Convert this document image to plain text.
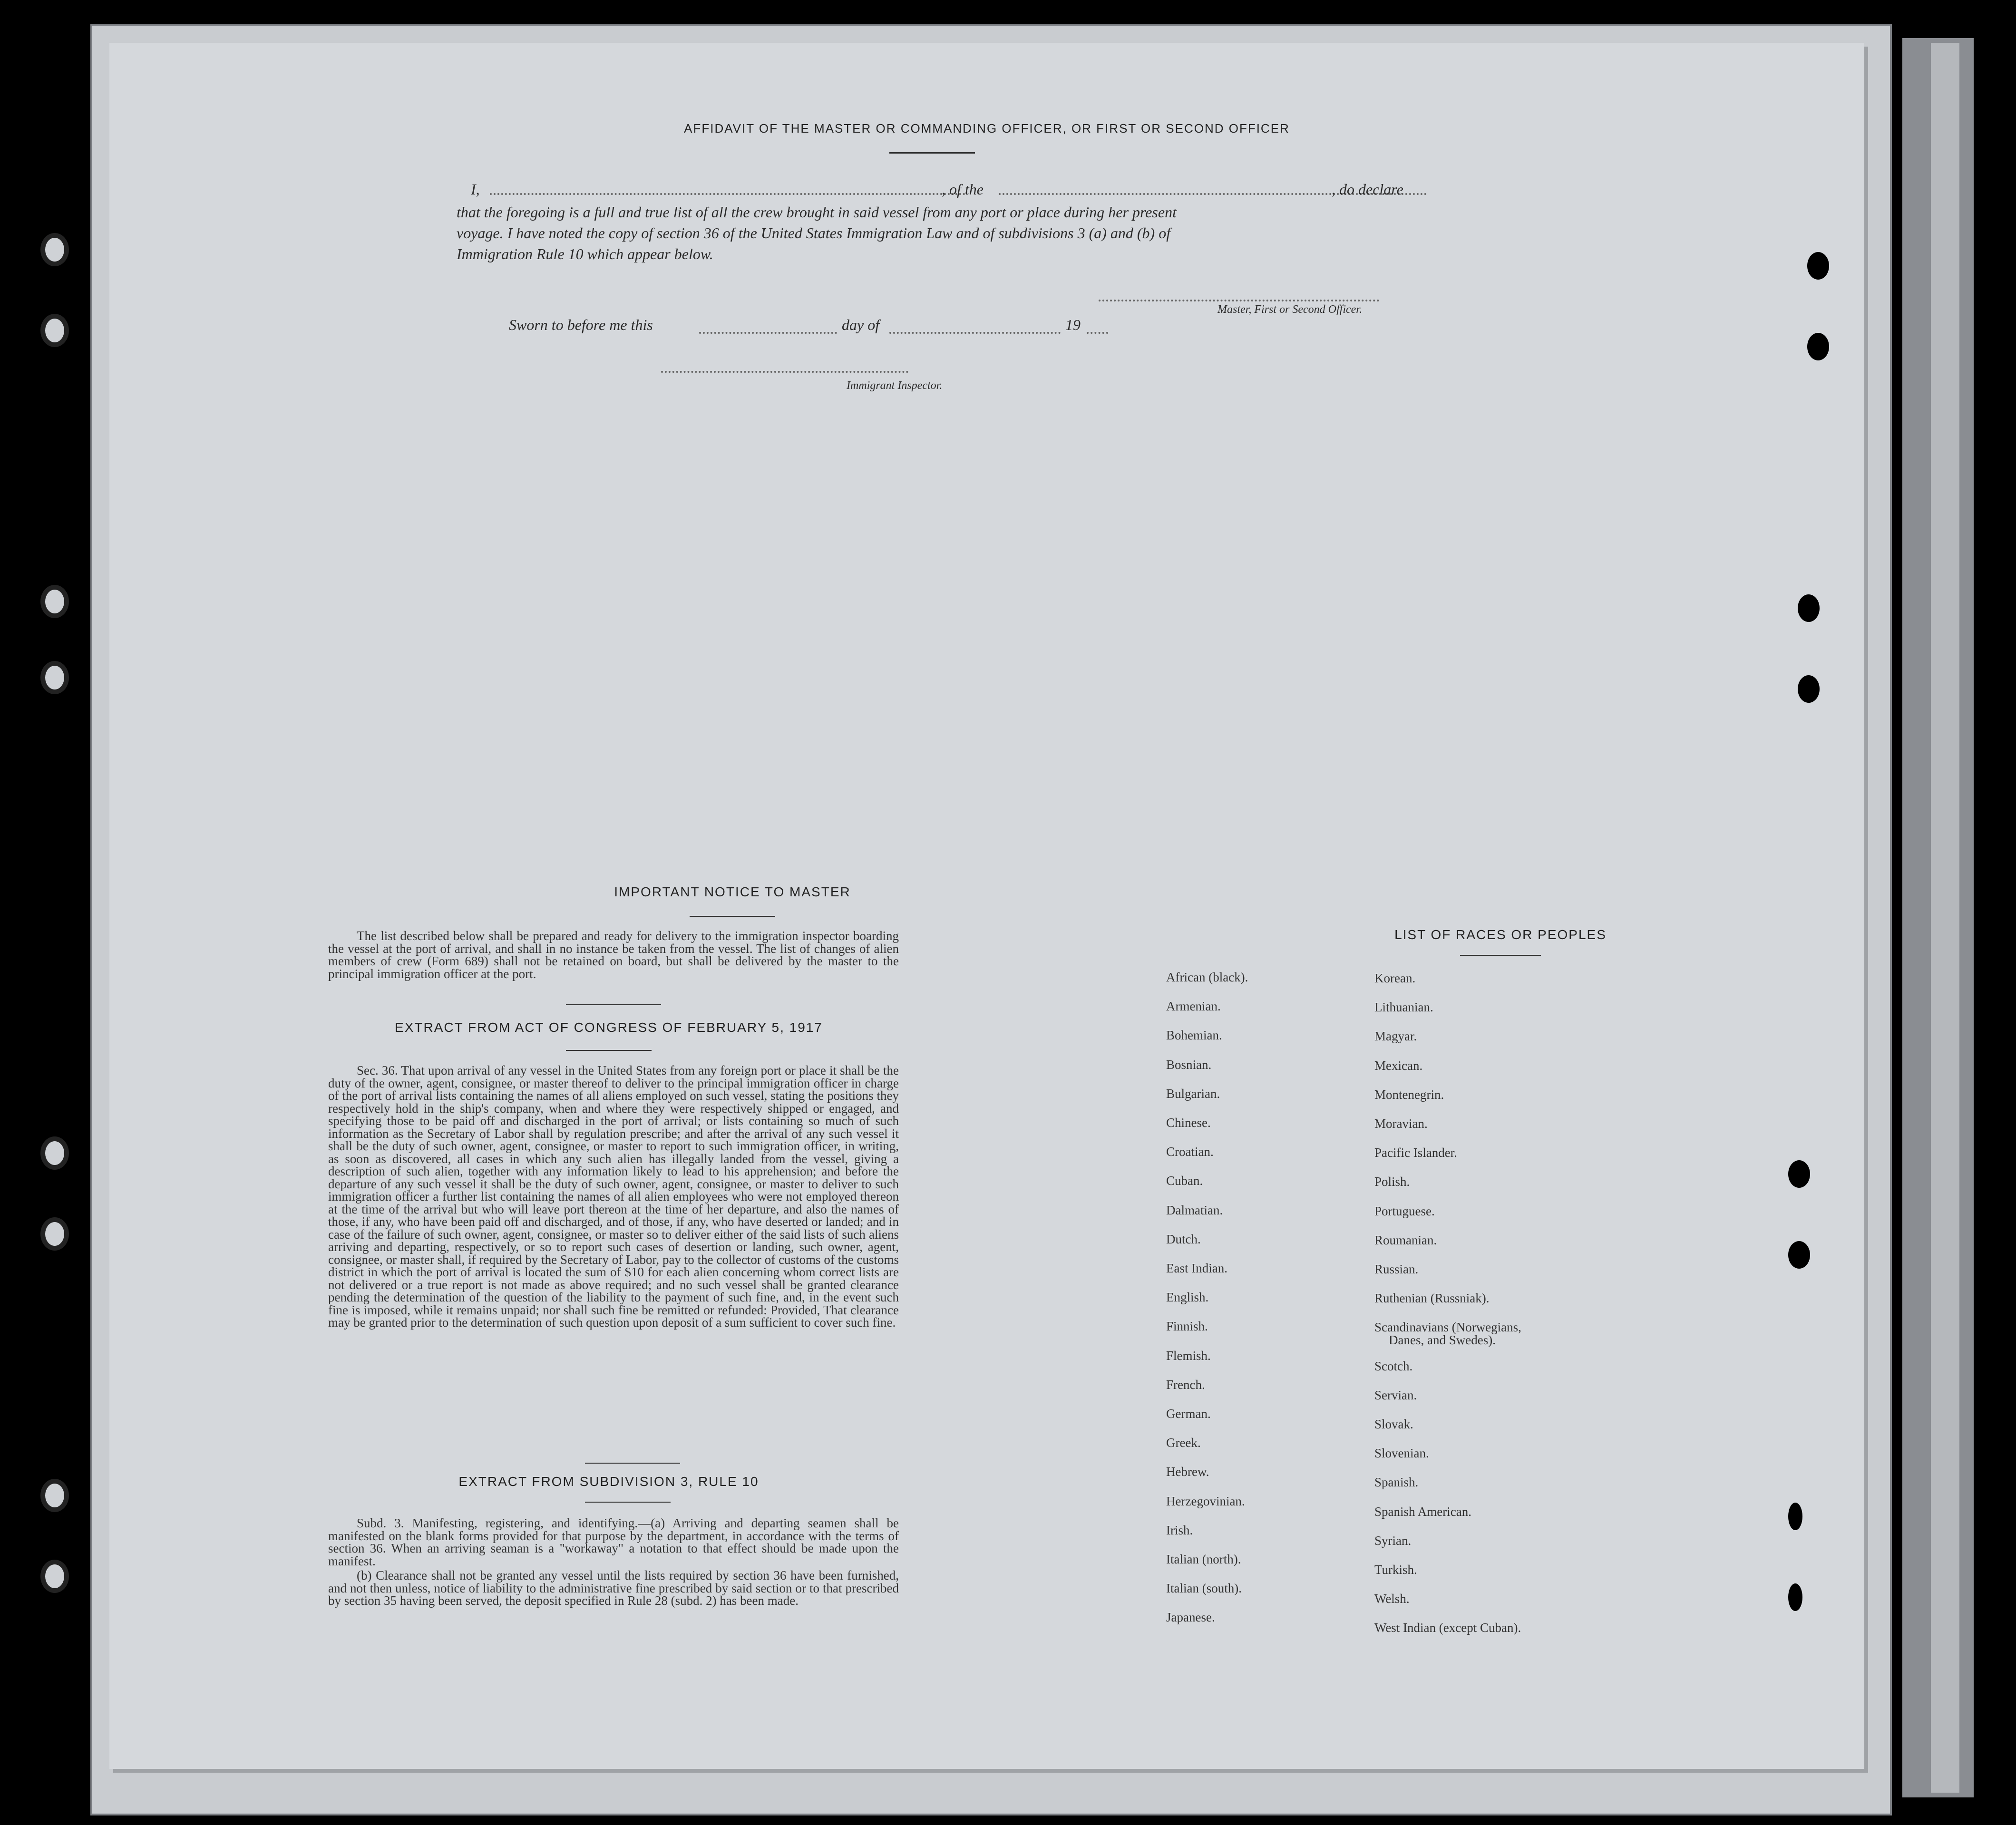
AFFIDAVIT OF THE MASTER OR COMMANDING OFFICER, OR FIRST OR SECOND OFFICER
I,	, of the	, do declare
that the foregoing is a full and true list of all the crew brought in said vessel from any port or place during her present
voyage. I have noted the copy of section 36 of the United States Immigration Law and of subdivisions 3 (a) and (b) of
Immigration Rule 10 which appear below.
Master, First or Second Officer.
Sworn to before me this	day of	19
Immigrant Inspector.
IMPORTANT NOTICE TO MASTER

The list described below shall be prepared and ready for delivery to the immigration inspector boarding the vessel at the port of arrival, and shall in no instance be taken from the vessel. The list of changes of alien members of crew (Form 689) shall not be retained on board, but shall be delivered by the master to the principal immigration officer at the port.

EXTRACT FROM ACT OF CONGRESS OF FEBRUARY 5, 1917

Sec. 36. That upon arrival of any vessel in the United States from any foreign port or place it shall be the duty of the owner, agent, consignee, or master thereof to deliver to the principal immigration officer in charge of the port of arrival lists containing the names of all aliens employed on such vessel, stating the positions they respectively hold in the ship's company, when and where they were respectively shipped or engaged, and specifying those to be paid off and discharged in the port of arrival; or lists containing so much of such information as the Secretary of Labor shall by regulation prescribe; and after the arrival of any such vessel it shall be the duty of such owner, agent, consignee, or master to report to such immigration officer, in writing, as soon as discovered, all cases in which any such alien has illegally landed from the vessel, giving a description of such alien, together with any information likely to lead to his apprehension; and before the departure of any such vessel it shall be the duty of such owner, agent, consignee, or master to deliver to such immigration officer a further list containing the names of all alien employees who were not employed thereon at the time of the arrival but who will leave port thereon at the time of her departure, and also the names of those, if any, who have been paid off and discharged, and of those, if any, who have deserted or landed; and in case of the failure of such owner, agent, consignee, or master so to deliver either of the said lists of such aliens arriving and departing, respectively, or so to report such cases of desertion or landing, such owner, agent, consignee, or master shall, if required by the Secretary of Labor, pay to the collector of customs of the customs district in which the port of arrival is located the sum of $10 for each alien concerning whom correct lists are not delivered or a true report is not made as above required; and no such vessel shall be granted clearance pending the determination of the question of the liability to the payment of such fine, and, in the event such fine is imposed, while it remains unpaid; nor shall such fine be remitted or refunded: Provided, That clearance may be granted prior to the determination of such question upon deposit of a sum sufficient to cover such fine.

EXTRACT FROM SUBDIVISION 3, RULE 10

Subd. 3. Manifesting, registering, and identifying.—(a) Arriving and departing seamen shall be manifested on the blank forms provided for that purpose by the department, in accordance with the terms of section 36. When an arriving seaman is a "workaway" a notation to that effect should be made upon the manifest.

(b) Clearance shall not be granted any vessel until the lists required by section 36 have been furnished, and not then unless, notice of liability to the administrative fine prescribed by said section or to that prescribed by section 35 having been served, the deposit specified in Rule 28 (subd. 2) has been made.

LIST OF RACES OR PEOPLES
African (black).
Armenian.
Bohemian.
Bosnian.
Bulgarian.
Chinese.
Croatian.
Cuban.
Dalmatian.
Dutch.
East Indian.
English.
Finnish.
Flemish.
French.
German.
Greek.
Hebrew.
Herzegovinian.
Irish.
Italian (north).
Italian (south).
Japanese.
Korean.
Lithuanian.
Magyar.
Mexican.
Montenegrin.
Moravian.
Pacific Islander.
Polish.
Portuguese.
Roumanian.
Russian.
Ruthenian (Russniak).
Scandinavians (Norwegians,
Danes, and Swedes).
Scotch.
Servian.
Slovak.
Slovenian.
Spanish.
Spanish American.
Syrian.
Turkish.
Welsh.
West Indian (except Cuban).
